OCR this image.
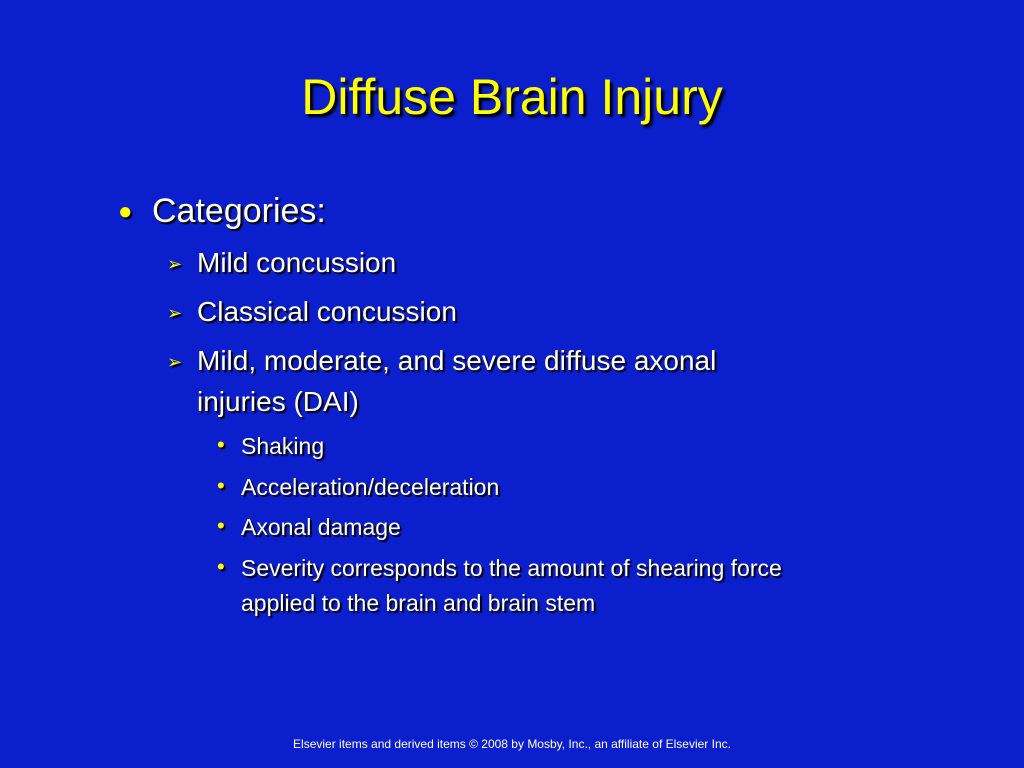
Diffuse Brain Injury
● Categories:
➢ Mild concussion
➢ Classical concussion
➢ Mild, moderate, and severe diffuse axonal
injuries (DAI)
• Shaking
• Acceleration/deceleration
• Axonal damage
• Severity corresponds to the amount of shearing force
applied to the brain and brain stem
Elsevier items and derived items © 2008 by Mosby, Inc., an affiliate of Elsevier Inc.
